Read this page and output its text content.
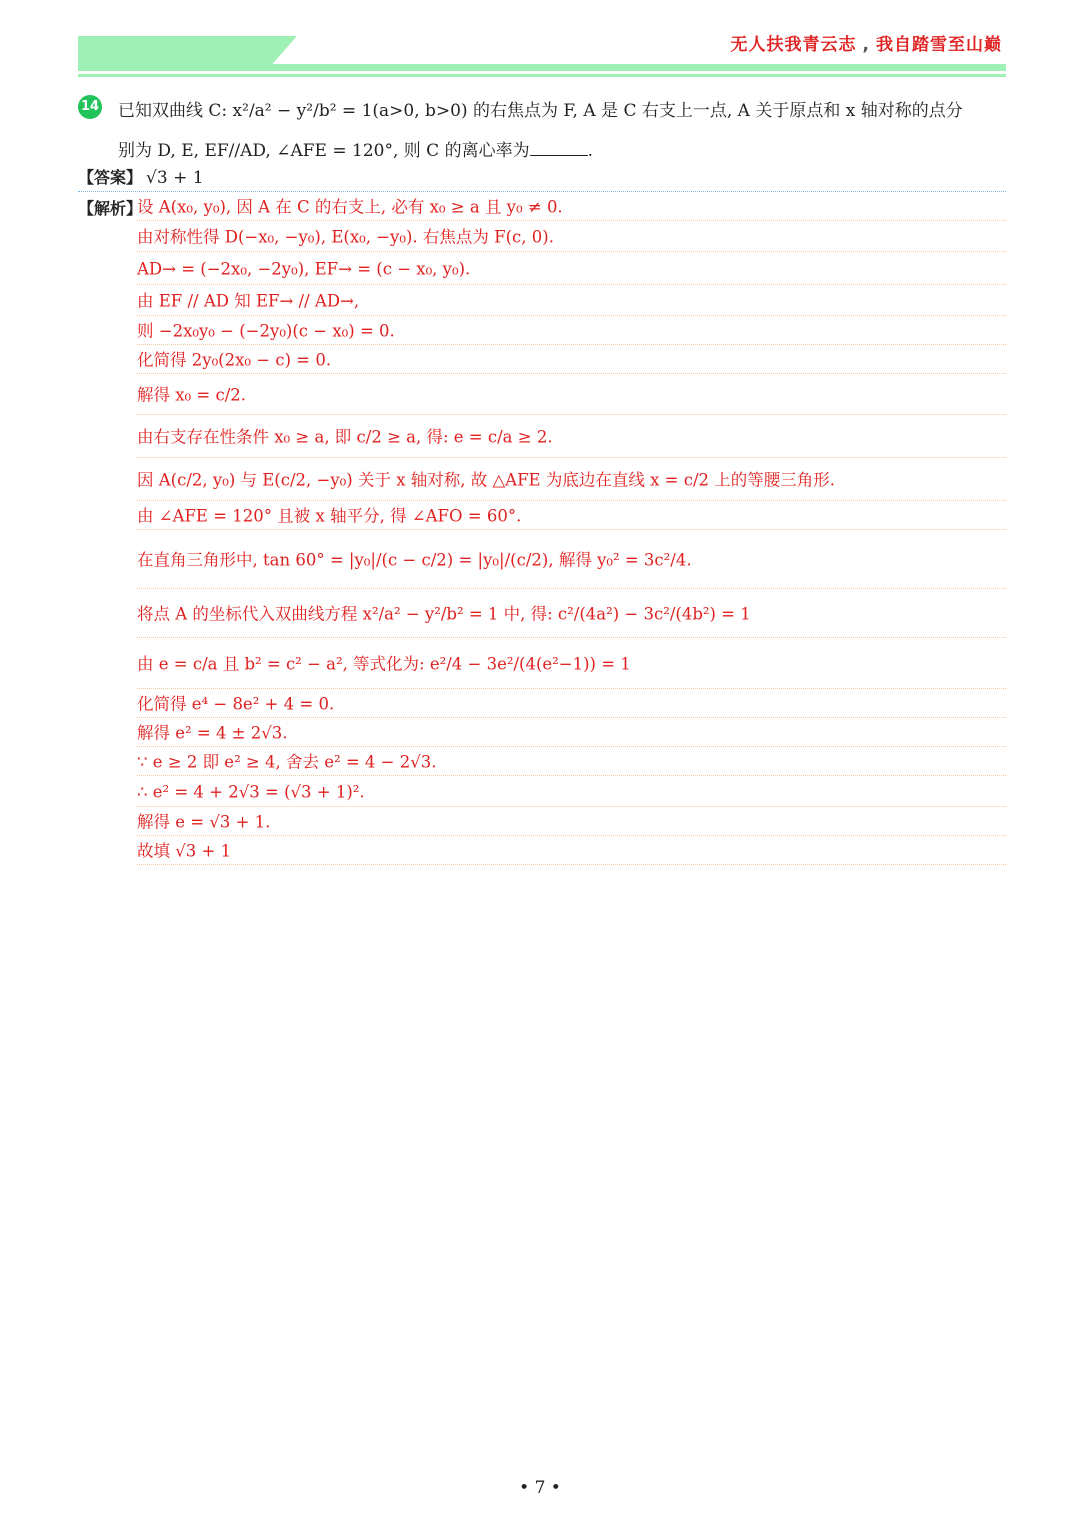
无人扶我青云志 , 我自踏雪至山巅
14 已知双曲线 C: x²/a² − y²/b² = 1(a>0, b>0) 的右焦点为 F, A 是 C 右支上一点, A 关于原点和 x 轴对称的点分
别为 D, E, EF//AD, ∠AFE = 120°, 则 C 的离心率为	.
【答案】 √3 + 1
【解析】
设 A(x₀, y₀), 因 A 在 C 的右支上, 必有 x₀ ≥ a 且 y₀ ≠ 0.
由对称性得 D(−x₀, −y₀), E(x₀, −y₀). 右焦点为 F(c, 0).
AD→ = (−2x₀, −2y₀), EF→ = (c − x₀, y₀).
由 EF // AD 知 EF→ // AD→,
则 −2x₀y₀ − (−2y₀)(c − x₀) = 0.
化简得 2y₀(2x₀ − c) = 0.
解得 x₀ = c/2.
由右支存在性条件 x₀ ≥ a, 即 c/2 ≥ a, 得: e = c/a ≥ 2.
因 A(c/2, y₀) 与 E(c/2, −y₀) 关于 x 轴对称, 故 △AFE 为底边在直线 x = c/2 上的等腰三角形.
由 ∠AFE = 120° 且被 x 轴平分, 得 ∠AFO = 60°.
在直角三角形中, tan 60° = |y₀|/(c − c/2) = |y₀|/(c/2), 解得 y₀² = 3c²/4.
将点 A 的坐标代入双曲线方程 x²/a² − y²/b² = 1 中, 得: c²/(4a²) − 3c²/(4b²) = 1
由 e = c/a 且 b² = c² − a², 等式化为: e²/4 − 3e²/(4(e²−1)) = 1
化简得 e⁴ − 8e² + 4 = 0.
解得 e² = 4 ± 2√3.
∵ e ≥ 2 即 e² ≥ 4, 舍去 e² = 4 − 2√3.
∴ e² = 4 + 2√3 = (√3 + 1)².
解得 e = √3 + 1.
故填 √3 + 1
• 7 •
